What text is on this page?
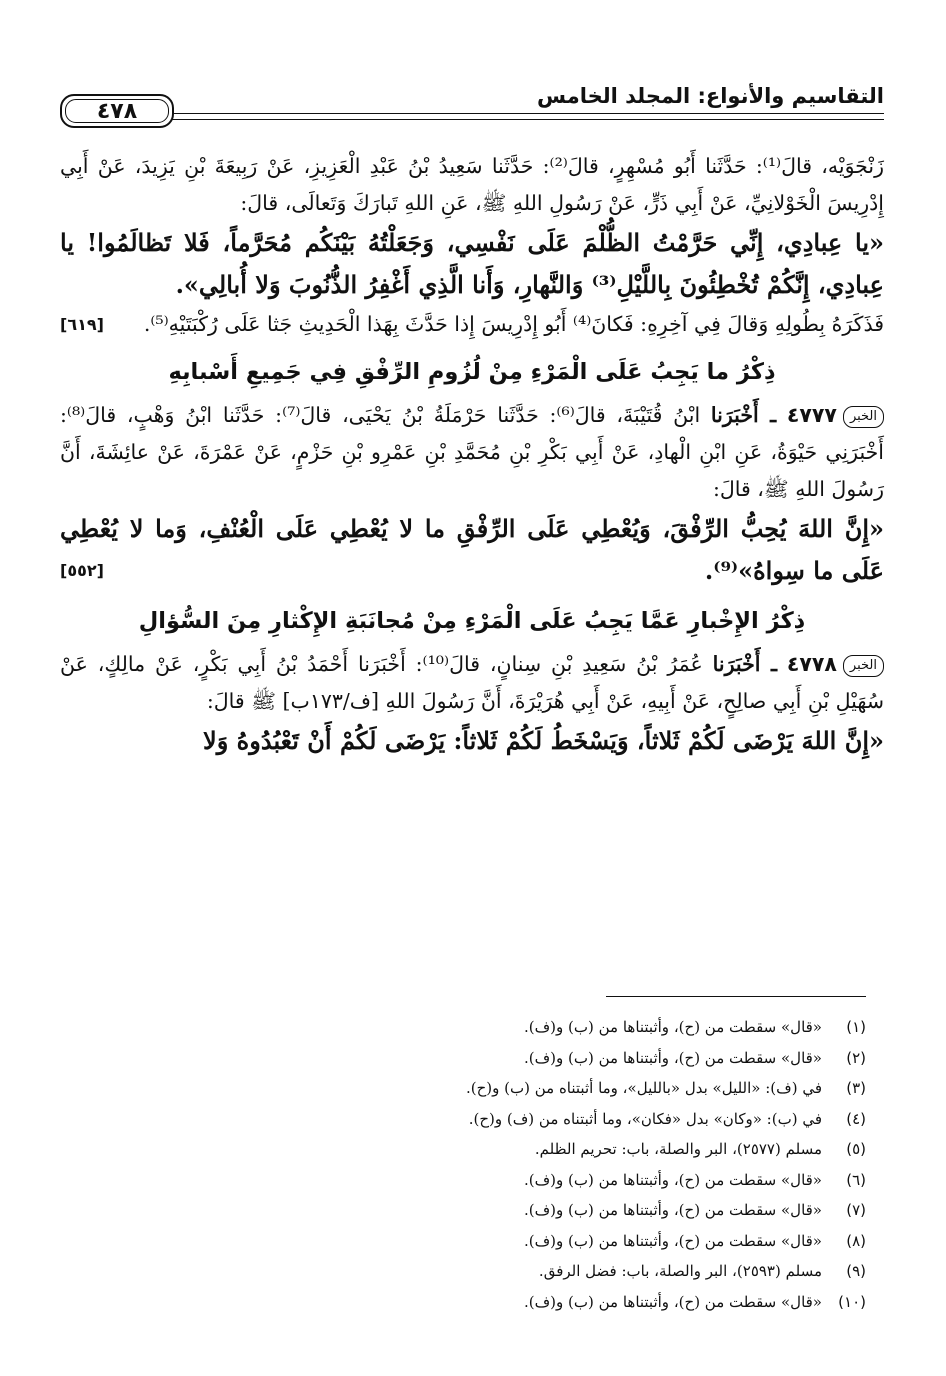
التقاسيم والأنواع: المجلد الخامس
٤٧٨

زَنْجَوَيْه، قالَ⁽¹⁾: حَدَّثَنا أَبُو مُسْهِرٍ، قالَ⁽²⁾: حَدَّثَنا سَعِيدُ بْنُ عَبْدِ الْعَزِيزِ، عَنْ رَبِيعَةَ بْنِ يَزِيدَ، عَنْ أَبِي إِدْرِيسَ الْخَوْلانِيِّ، عَنْ أَبِي ذَرٍّ، عَنْ رَسُولِ اللهِ ﷺ، عَنِ اللهِ تَبارَكَ وَتَعالَى، قالَ:

«يا عِبادِي، إِنِّي حَرَّمْتُ الظُّلْمَ عَلَى نَفْسِي، وَجَعَلْتُهُ بَيْنَكُم مُحَرَّماً، فَلا تَظالَمُوا! يا عِبادِي، إِنَّكُمْ تُخْطِئُونَ بِاللَّيْلِ⁽³⁾ وَالنَّهارِ، وَأَنا الَّذِي أَغْفِرُ الذُّنُوبَ وَلا أُبالِي».

فَذَكَرَهُ بِطُولِهِ وَقالَ فِي آخِرِهِ: فَكانَ⁽⁴⁾ أَبُو إِدْرِيسَ إِذا حَدَّثَ بِهَذا الْحَدِيثِ جَثا عَلَى رُكْبَتَيْهِ⁽⁵⁾.
[٦١٩]

ذِكْرُ ما يَجِبُ عَلَى الْمَرْءِ مِنْ لُزُومِ الرِّفْقِ فِي جَمِيعِ أَسْبابِهِ

الخبر٤٧٧٧ ـ أَخْبَرَنا ابْنُ قُتَيْبَةَ، قالَ⁽⁶⁾: حَدَّثَنا حَرْمَلَةُ بْنُ يَحْيَى، قالَ⁽⁷⁾: حَدَّثَنا ابْنُ وَهْبٍ، قالَ⁽⁸⁾: أَخْبَرَنِي حَيْوَةُ، عَنِ ابْنِ الْهادِ، عَنْ أَبِي بَكْرِ بْنِ مُحَمَّدِ بْنِ عَمْرِو بْنِ حَزْمٍ، عَنْ عَمْرَةَ، عَنْ عائِشَةَ، أَنَّ رَسُولَ اللهِ ﷺ، قالَ:

«إِنَّ اللهَ يُحِبُّ الرِّفْقَ، وَيُعْطِي عَلَى الرِّفْقِ ما لا يُعْطِي عَلَى الْعُنْفِ، وَما لا يُعْطِي عَلَى ما سِواهُ»⁽⁹⁾.
[٥٥٢]

ذِكْرُ الإِخْبارِ عَمَّا يَجِبُ عَلَى الْمَرْءِ مِنْ مُجانَبَةِ الإِكْثارِ مِنَ السُّؤالِ

الخبر٤٧٧٨ ـ أَخْبَرَنا عُمَرُ بْنُ سَعِيدِ بْنِ سِنانٍ، قالَ⁽¹⁰⁾: أَخْبَرَنا أَحْمَدُ بْنُ أَبِي بَكْرٍ، عَنْ مالِكٍ، عَنْ سُهَيْلِ بْنِ أَبِي صالِحٍ، عَنْ أَبِيهِ، عَنْ أَبِي هُرَيْرَةَ، أَنَّ رَسُولَ اللهِ [ف/١٧٣ب] ﷺ قالَ:

«إِنَّ اللهَ يَرْضَى لَكُمْ ثَلاثاً، وَيَسْخَطُ لَكُمْ ثَلاثاً: يَرْضَى لَكُمْ أَنْ تَعْبُدُوهُ وَلا

(١)
«قال» سقطت من (ح)، وأثبتناها من (ب) و(ف).
(٢)
«قال» سقطت من (ح)، وأثبتناها من (ب) و(ف).
(٣)
في (ف): «الليل» بدل «بالليل»، وما أثبتناه من (ب) و(ح).
(٤)
في (ب): «وكان» بدل «فكان»، وما أثبتناه من (ف) و(ح).
(٥)
مسلم (٢٥٧٧)، البر والصلة، باب: تحريم الظلم.
(٦)
«قال» سقطت من (ح)، وأثبتناها من (ب) و(ف).
(٧)
«قال» سقطت من (ح)، وأثبتناها من (ب) و(ف).
(٨)
«قال» سقطت من (ح)، وأثبتناها من (ب) و(ف).
(٩)
مسلم (٢٥٩٣)، البر والصلة، باب: فضل الرفق.
(١٠)
«قال» سقطت من (ح)، وأثبتناها من (ب) و(ف).
